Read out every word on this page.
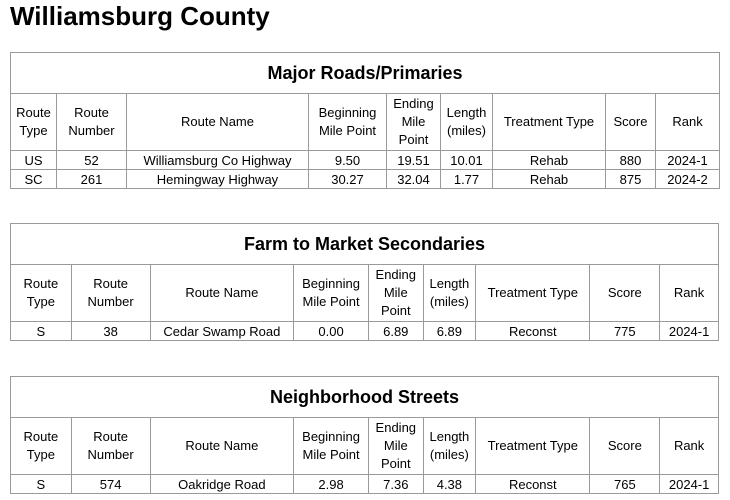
Williamsburg County
Major Roads/Primaries								
Route Type	Route Number	Route Name	Beginning Mile Point	Ending Mile Point	Length (miles)	Treatment Type	Score	Rank
US	52	Williamsburg Co Highway	9.50	19.51	10.01	Rehab	880	2024-1
SC	261	Hemingway Highway	30.27	32.04	1.77	Rehab	875	2024-2
Farm to Market Secondaries								
Route Type	Route Number	Route Name	Beginning Mile Point	Ending Mile Point	Length (miles)	Treatment Type	Score	Rank
S	38	Cedar Swamp Road	0.00	6.89	6.89	Reconst	775	2024-1
Neighborhood Streets								
Route Type	Route Number	Route Name	Beginning Mile Point	Ending Mile Point	Length (miles)	Treatment Type	Score	Rank
S	574	Oakridge Road	2.98	7.36	4.38	Reconst	765	2024-1
